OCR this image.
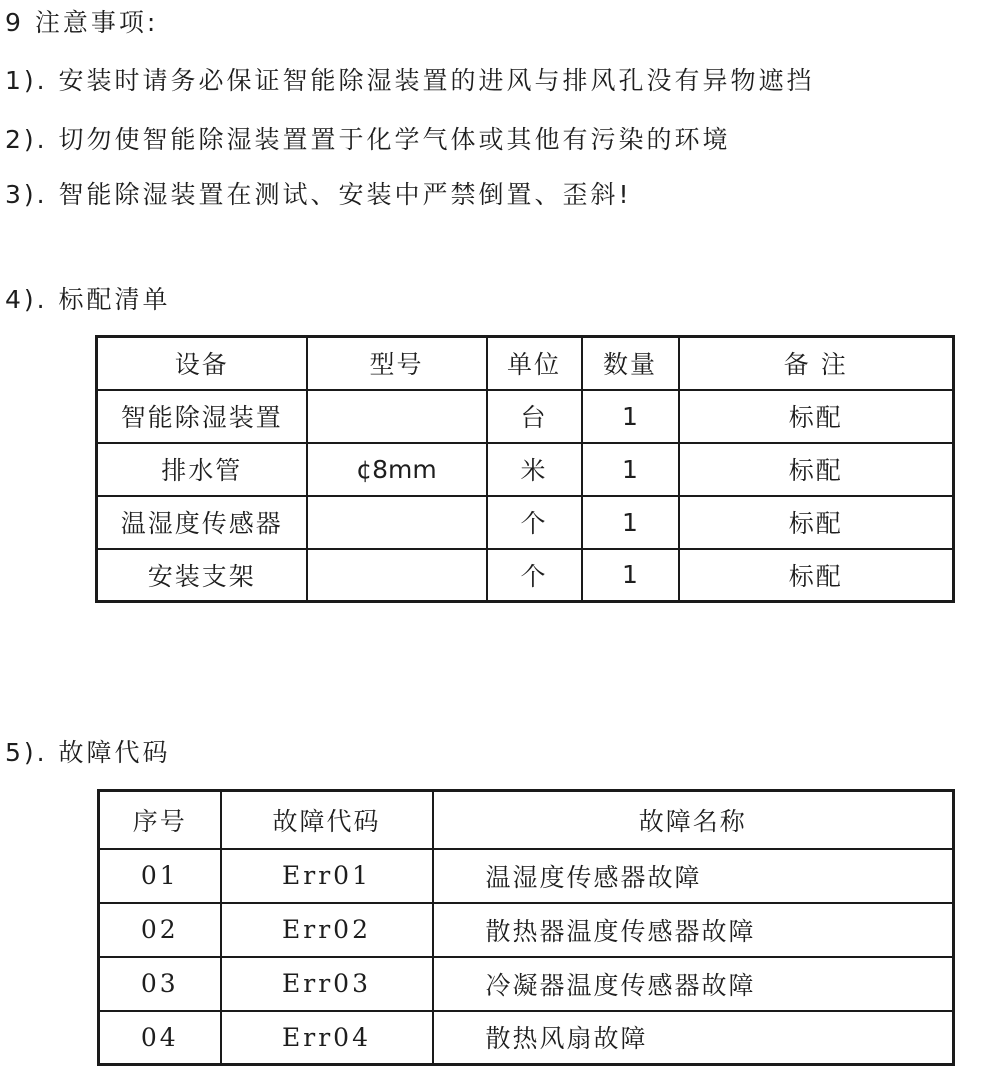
9 注意事项:
1). 安装时请务必保证智能除湿装置的进风与排风孔没有异物遮挡
2). 切勿使智能除湿装置置于化学气体或其他有污染的环境
3). 智能除湿装置在测试、安装中严禁倒置、歪斜!
4). 标配清单
设备	型号	单位	数量	备 注
智能除湿装置		台	1	标配
排水管	¢8mm	米	1	标配
温湿度传感器		个	1	标配
安装支架		个	1	标配
5). 故障代码
序号	故障代码	故障名称
01	Err01	温湿度传感器故障
02	Err02	散热器温度传感器故障
03	Err03	冷凝器温度传感器故障
04	Err04	散热风扇故障
